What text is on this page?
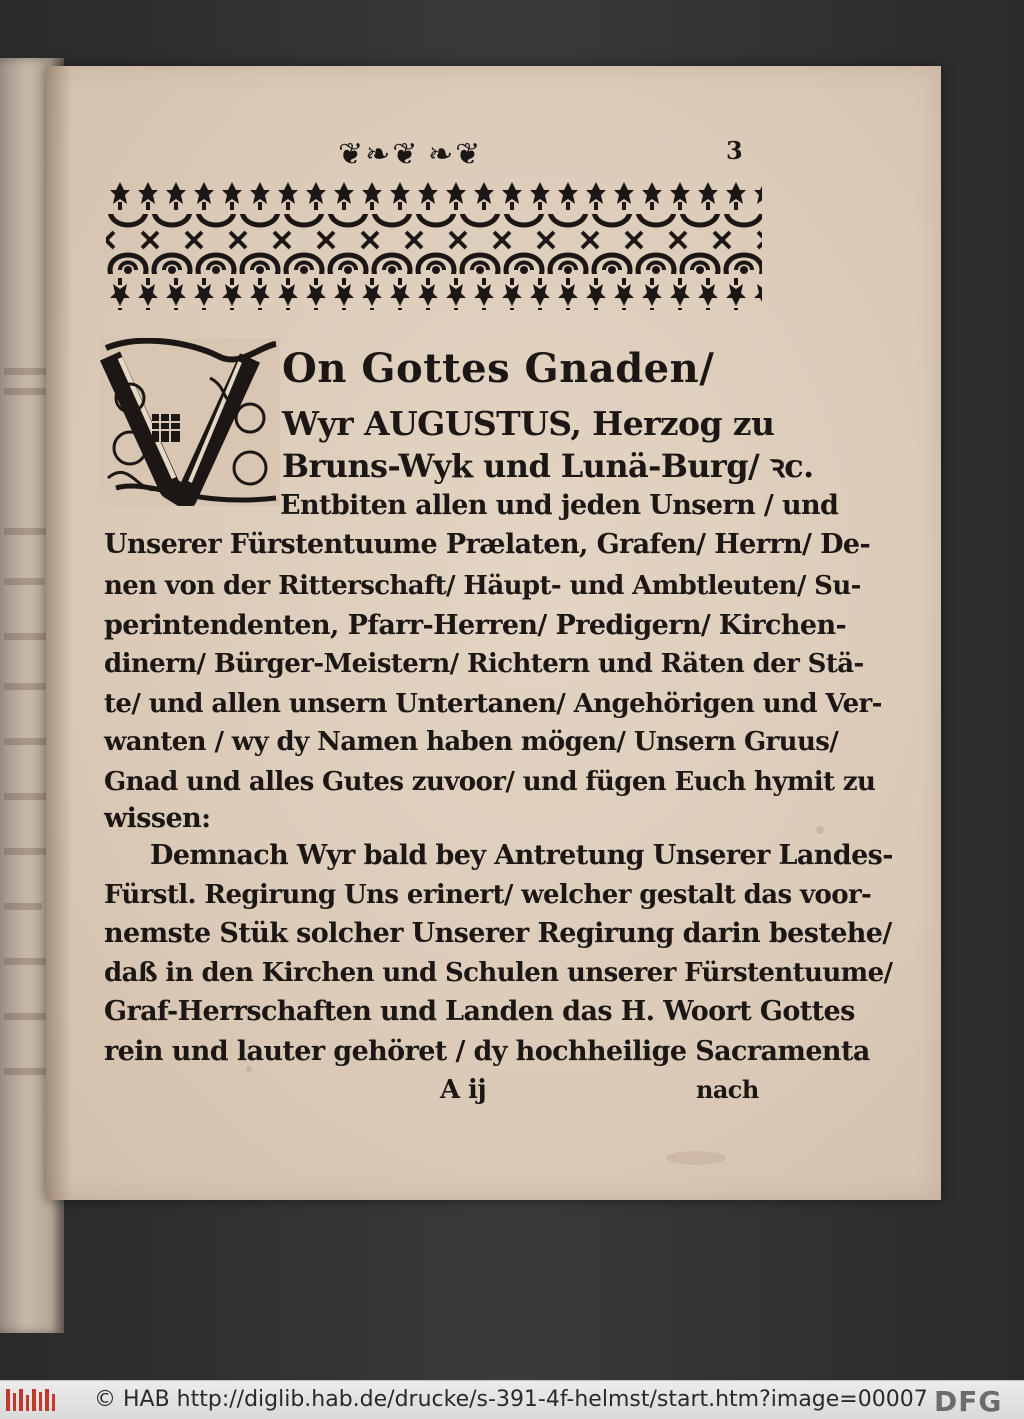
❦❧❦ ❧❦	3
On Gottes Gnaden/
Wyr AUGUSTUS, Herzog zu
Bruns-Wyk und Lunä-Burg/ ꝛc.
Entbiten allen und jeden Unsern / und
Unserer Fürstentuume Prælaten, Grafen/ Herrn/ De-
nen von der Ritterschaft/ Häupt- und Ambtleuten/ Su-
perintendenten, Pfarr-Herren/ Predigern/ Kirchen-
dinern/ Bürger-Meistern/ Richtern und Räten der Stä-
te/ und allen unsern Untertanen/ Angehörigen und Ver-
wanten / wy dy Namen haben mögen/ Unsern Gruus/
Gnad und alles Gutes zuvoor/ und fügen Euch hymit zu
wissen:
Demnach Wyr bald bey Antretung Unserer Landes-
Fürstl. Regirung Uns erinert/ welcher gestalt das voor-
nemste Stük solcher Unserer Regirung darin bestehe/
daß in den Kirchen und Schulen unserer Fürstentuume/
Graf-Herrschaften und Landen das H. Woort Gottes
rein und lauter gehöret / dy hochheilige Sacramenta
A ij	nach
© HAB http://diglib.hab.de/drucke/s-391-4f-helmst/start.htm?image=00007 DFG
